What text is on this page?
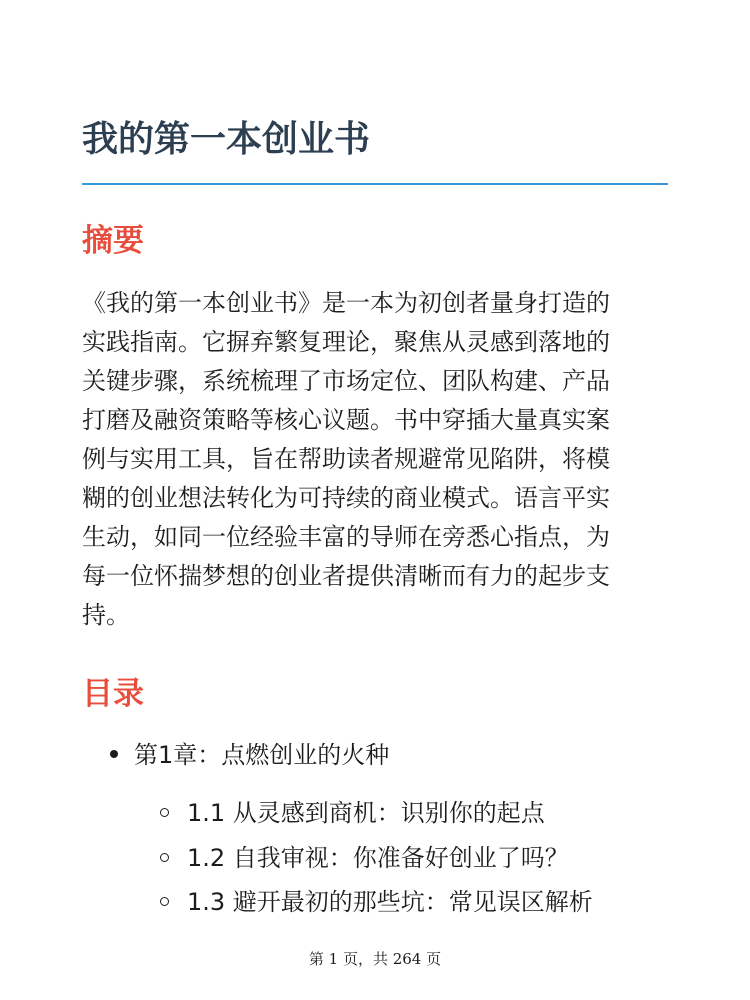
我的第一本创业书
摘要

《我的第一本创业书》是一本为初创者量身打造的
实践指南。它摒弃繁复理论，聚焦从灵感到落地的
关键步骤，系统梳理了市场定位、团队构建、产品
打磨及融资策略等核心议题。书中穿插大量真实案
例与实用工具，旨在帮助读者规避常见陷阱，将模
糊的创业想法转化为可持续的商业模式。语言平实
生动，如同一位经验丰富的导师在旁悉心指点，为
每一位怀揣梦想的创业者提供清晰而有力的起步支
持。

目录
第1章：点燃创业的火种
1.1 从灵感到商机：识别你的起点
1.2 自我审视：你准备好创业了吗？
1.3 避开最初的那些坑：常见误区解析
第 1 页，共 264 页
